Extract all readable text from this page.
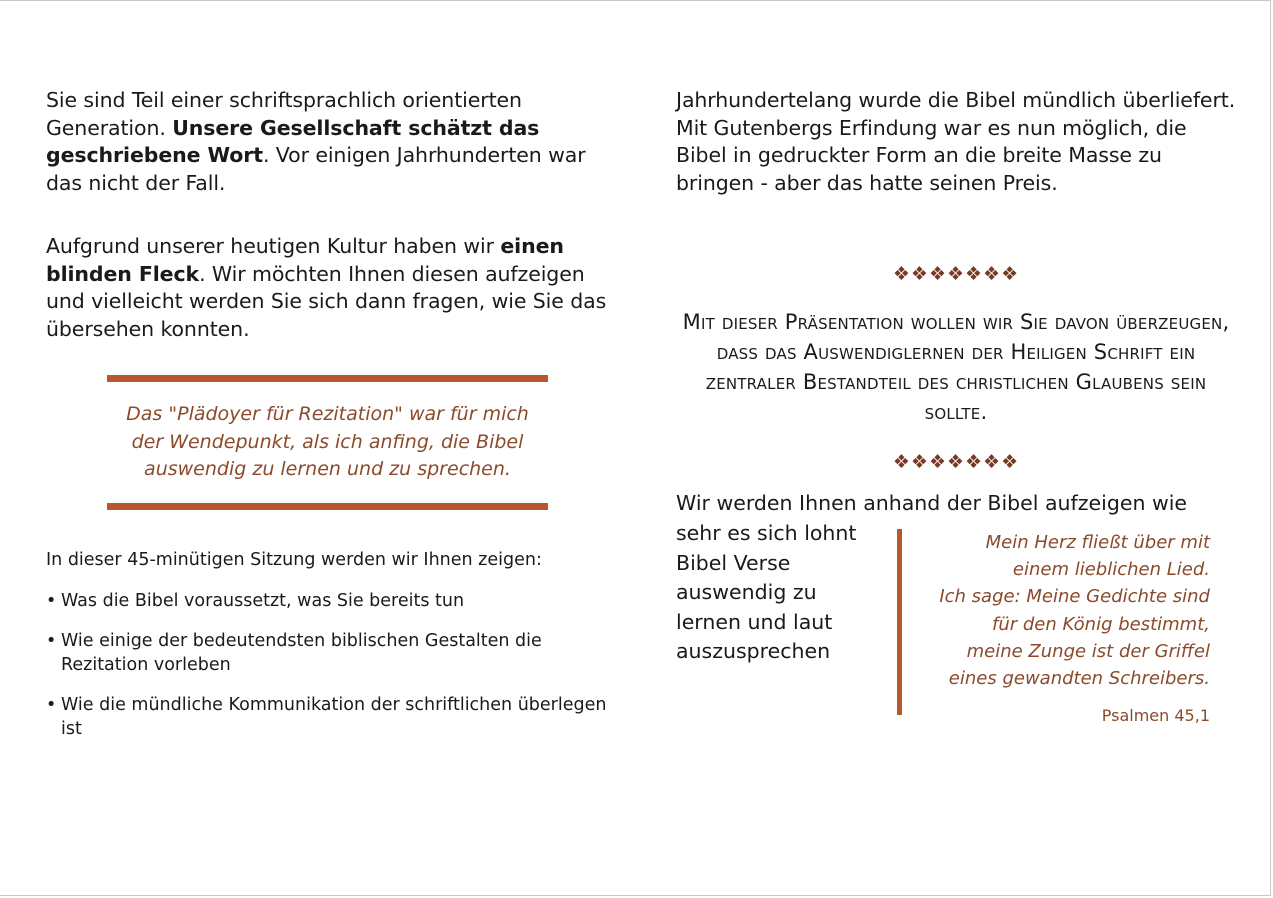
Sie sind Teil einer schriftsprachlich orientierten Generation. Unsere Gesellschaft schätzt das geschriebene Wort. Vor einigen Jahrhunderten war das nicht der Fall.

Aufgrund unserer heutigen Kultur haben wir einen blinden Fleck. Wir möchten Ihnen diesen aufzeigen und vielleicht werden Sie sich dann fragen, wie Sie das übersehen konnten.

Das "Plädoyer für Rezitation" war für mich der Wendepunkt, als ich anfing, die Bibel auswendig zu lernen und zu sprechen.

In dieser 45-minütigen Sitzung werden wir Ihnen zeigen:

• Was die Bibel voraussetzt, was Sie bereits tun
• Wie einige der bedeutendsten biblischen Gestalten die Rezitation vorleben
• Wie die mündliche Kommunikation der schriftlichen überlegen ist

Jahrhundertelang wurde die Bibel mündlich überliefert. Mit Gutenbergs Erfindung war es nun möglich, die Bibel in gedruckter Form an die breite Masse zu bringen - aber das hatte seinen Preis.

❖❖❖❖❖❖❖

Mit dieser Präsentation wollen wir Sie davon überzeugen, dass das Auswendiglernen der Heiligen Schrift ein zentraler Bestandteil des christlichen Glaubens sein sollte.

❖❖❖❖❖❖❖
Wir werden Ihnen anhand der Bibel aufzeigen wie
sehr es sich lohnt Bibel Verse auswendig zu lernen und laut auszusprechen
Mein Herz fließt über mit
einem lieblichen Lied.
Ich sage: Meine Gedichte sind
für den König bestimmt,
meine Zunge ist der Griffel
eines gewandten Schreibers.
Psalmen 45,1
